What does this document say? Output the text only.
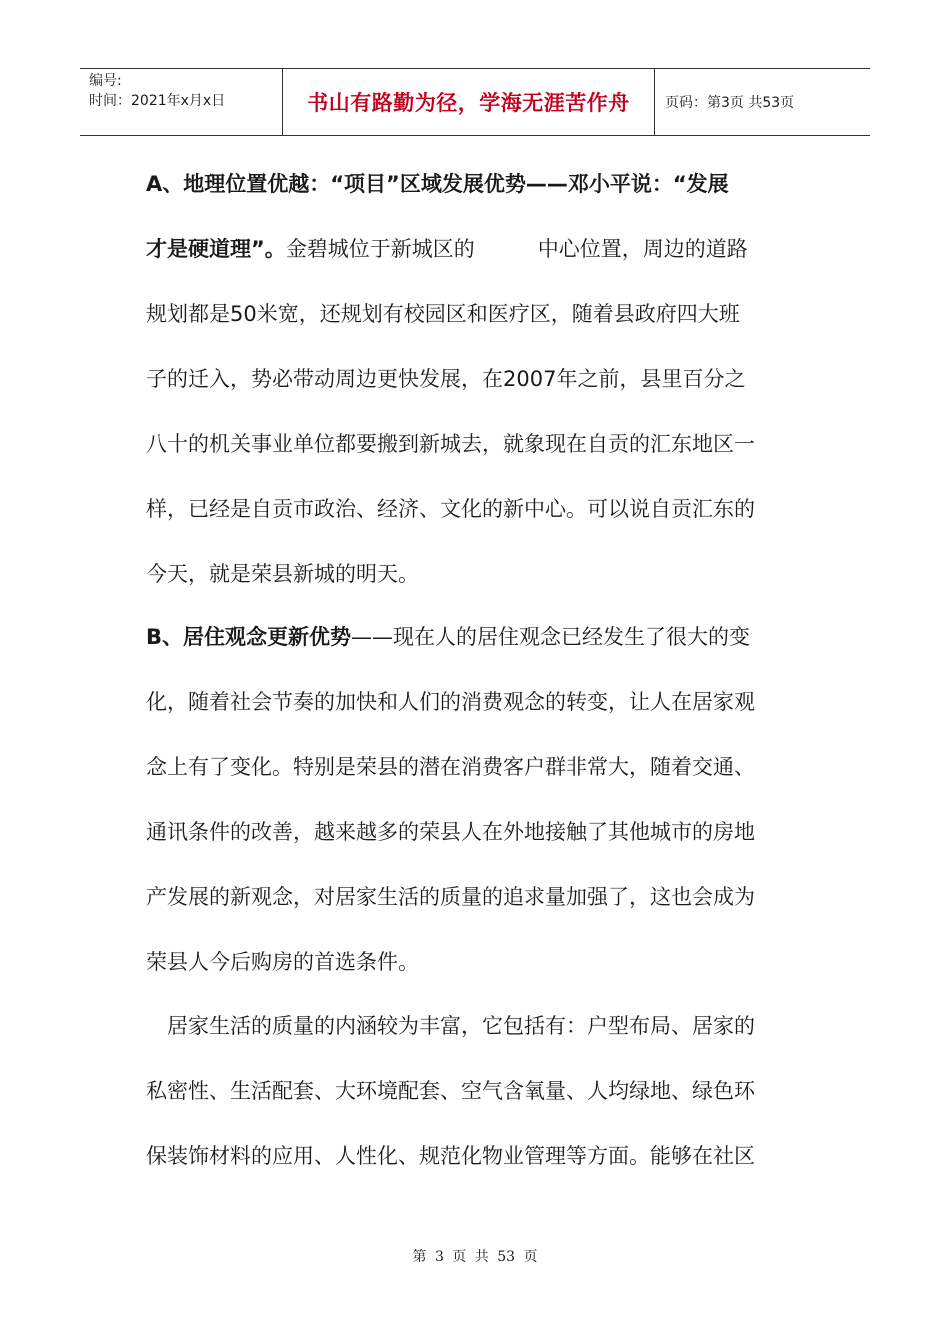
编号:
时间：2021年x月x日	书山有路勤为径，学海无涯苦作舟	页码：第3页 共53页
A、地理位置优越：“项目”区域发展优势——邓小平说：“发展
才是硬道理”。金碧城位于新城区的　　　中心位置，周边的道路
规划都是50米宽，还规划有校园区和医疗区，随着县政府四大班
子的迁入，势必带动周边更快发展，在2007年之前，县里百分之
八十的机关事业单位都要搬到新城去，就象现在自贡的汇东地区一
样，已经是自贡市政治、经济、文化的新中心。可以说自贡汇东的
今天，就是荣县新城的明天。
B、居住观念更新优势——现在人的居住观念已经发生了很大的变
化，随着社会节奏的加快和人们的消费观念的转变，让人在居家观
念上有了变化。特别是荣县的潜在消费客户群非常大，随着交通、
通讯条件的改善，越来越多的荣县人在外地接触了其他城市的房地
产发展的新观念，对居家生活的质量的追求量加强了，这也会成为
荣县人今后购房的首选条件。
　居家生活的质量的内涵较为丰富，它包括有：户型布局、居家的
私密性、生活配套、大环境配套、空气含氧量、人均绿地、绿色环
保装饰材料的应用、人性化、规范化物业管理等方面。能够在社区
第 3 页 共 53 页
